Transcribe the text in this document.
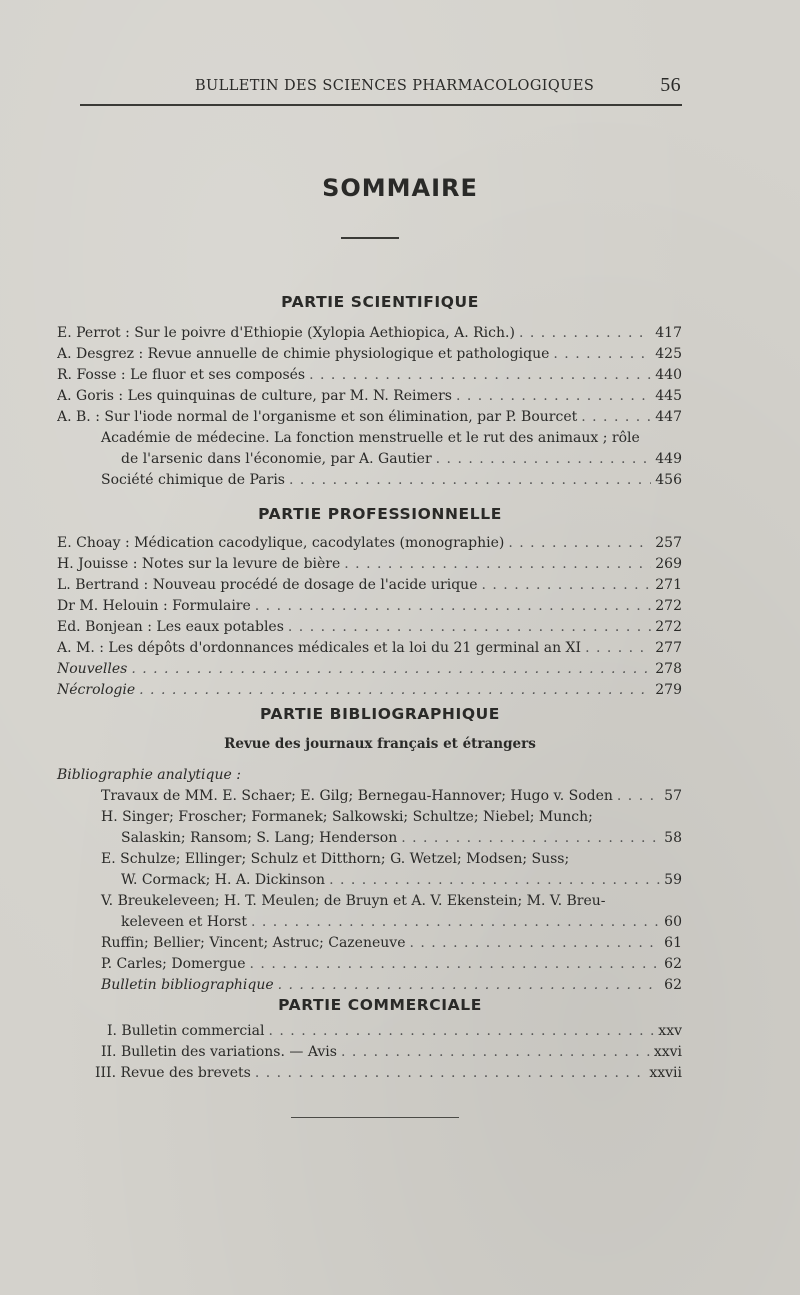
BULLETIN DES SCIENCES PHARMACOLOGIQUES	56
SOMMAIRE
PARTIE SCIENTIFIQUE
E. Perrot : Sur le poivre d'Ethiopie (Xylopia Aethiopica, A. Rich.) . . .	417
A. Desgrez : Revue annuelle de chimie physiologique et pathologique . . .	425
R. Fosse : Le fluor et ses composés . . .	440
A. Goris : Les quinquinas de culture, par M. N. Reimers . . .	445
A. B. : Sur l'iode normal de l'organisme et son élimination, par P. Bourcet . . .	447
Académie de médecine. La fonction menstruelle et le rut des animaux ; rôle
de l'arsenic dans l'économie, par A. Gautier . . .	449
Société chimique de Paris . . .	456
PARTIE PROFESSIONNELLE
E. Choay : Médication cacodylique, cacodylates (monographie) . . .	257
H. Jouisse : Notes sur la levure de bière . . .	269
L. Bertrand : Nouveau procédé de dosage de l'acide urique . . .	271
Dr M. Helouin : Formulaire . . .	272
Ed. Bonjean : Les eaux potables . . .	272
A. M. : Les dépôts d'ordonnances médicales et la loi du 21 germinal an XI . . .	277
Nouvelles . . .	278
Nécrologie . . .	279
PARTIE BIBLIOGRAPHIQUE
Revue des journaux français et étrangers
Bibliographie analytique :
Travaux de MM. E. Schaer; E. Gilg; Bernegau-Hannover; Hugo v. Soden . . .	57
H. Singer; Froscher; Formanek; Salkowski; Schultze; Niebel; Munch;
Salaskin; Ransom; S. Lang; Henderson . . .	58
E. Schulze; Ellinger; Schulz et Ditthorn; G. Wetzel; Modsen; Suss;
W. Cormack; H. A. Dickinson . . .	59
V. Breukeleveen; H. T. Meulen; de Bruyn et A. V. Ekenstein; M. V. Breu-
keleveen et Horst . . .	60
Ruffin; Bellier; Vincent; Astruc; Cazeneuve . . .	61
P. Carles; Domergue . . .	62
Bulletin bibliographique . . .	62
PARTIE COMMERCIALE
I. Bulletin commercial . . .	xxv
II. Bulletin des variations. — Avis . . .	xxvi
III. Revue des brevets . . .	xxvii
